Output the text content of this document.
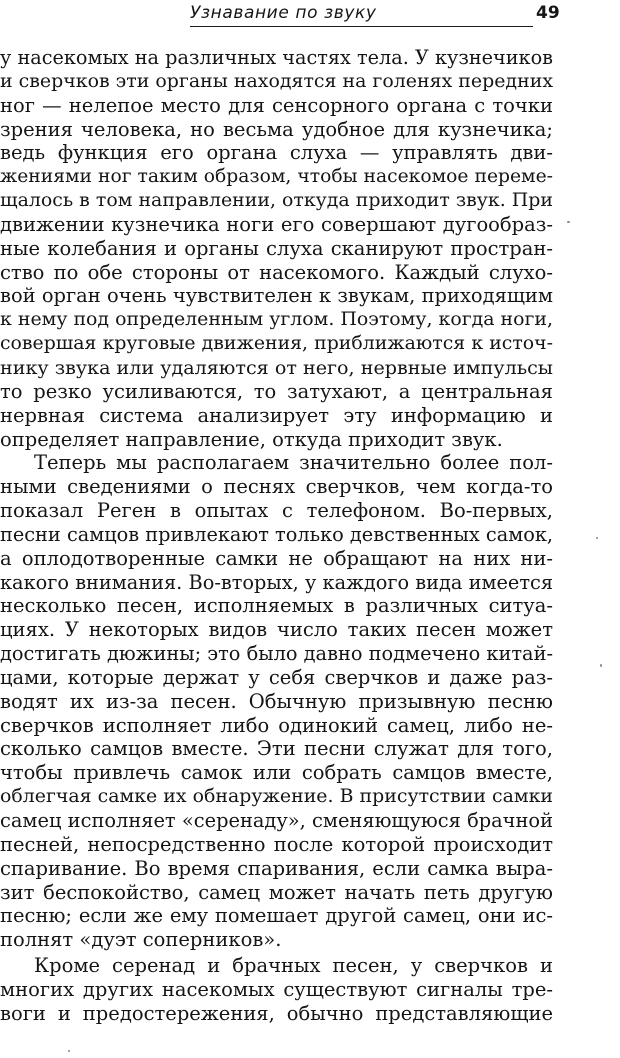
Узнавание по звуку	49
у насекомых на различных частях тела. У кузнечиков
и сверчков эти органы находятся на голенях передних
ног — нелепое место для сенсорного органа с точки
зрения человека, но весьма удобное для кузнечика;
ведь функция его органа слуха — управлять дви-
жениями ног таким образом, чтобы насекомое переме-
щалось в том направлении, откуда приходит звук. При
движении кузнечика ноги его совершают дугообраз-
ные колебания и органы слуха сканируют простран-
ство по обе стороны от насекомого. Каждый слухо-
вой орган очень чувствителен к звукам, приходящим
к нему под определенным углом. Поэтому, когда ноги,
совершая круговые движения, приближаются к источ-
нику звука или удаляются от него, нервные импульсы
то резко усиливаются, то затухают, а центральная
нервная система анализирует эту информацию и
определяет направление, откуда приходит звук.
Теперь мы располагаем значительно более пол-
ными сведениями о песнях сверчков, чем когда-то
показал Реген в опытах с телефоном. Во-первых,
песни самцов привлекают только девственных самок,
а оплодотворенные самки не обращают на них ни-
какого внимания. Во-вторых, у каждого вида имеется
несколько песен, исполняемых в различных ситуа-
циях. У некоторых видов число таких песен может
достигать дюжины; это было давно подмечено китай-
цами, которые держат у себя сверчков и даже раз-
водят их из-за песен. Обычную призывную песню
сверчков исполняет либо одинокий самец, либо не-
сколько самцов вместе. Эти песни служат для того,
чтобы привлечь самок или собрать самцов вместе,
облегчая самке их обнаружение. В присутствии самки
самец исполняет «серенаду», сменяющуюся брачной
песней, непосредственно после которой происходит
спаривание. Во время спаривания, если самка выра-
зит беспокойство, самец может начать петь другую
песню; если же ему помешает другой самец, они ис-
полнят «дуэт соперников».
Кроме серенад и брачных песен, у сверчков и
многих других насекомых существуют сигналы тре-
воги и предостережения, обычно представляющие
